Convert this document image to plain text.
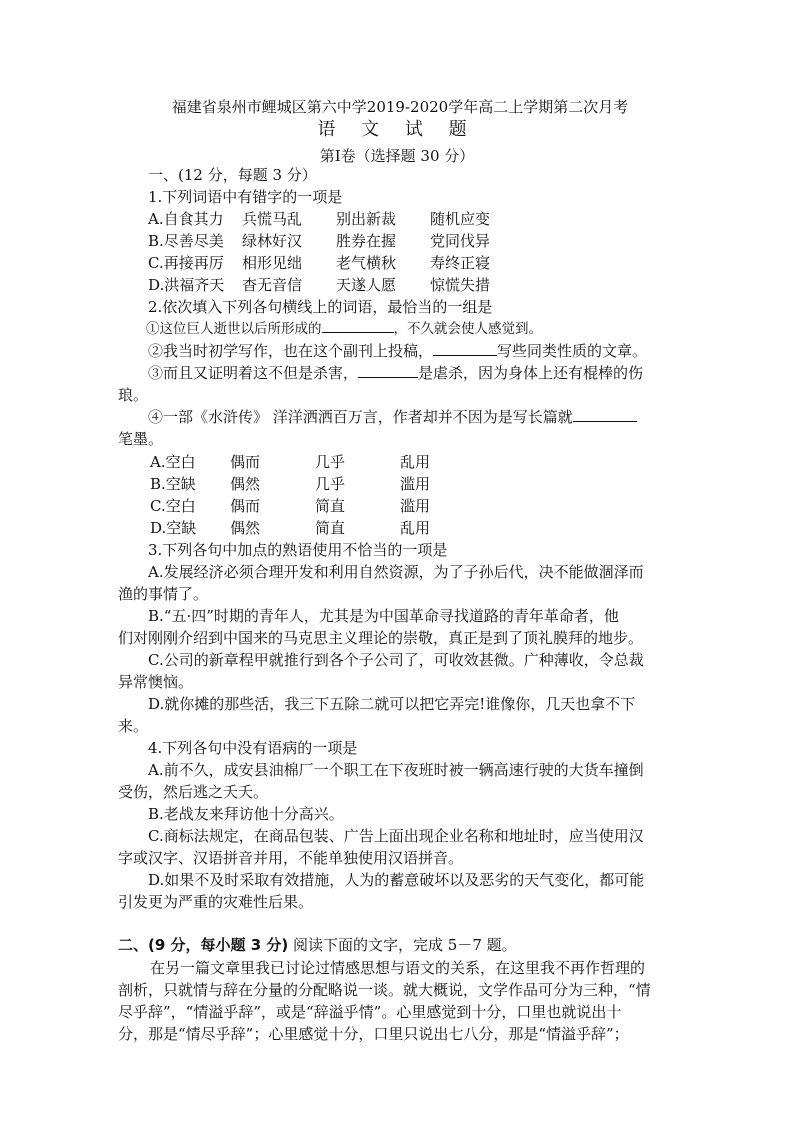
福建省泉州市鲤城区第六中学2019-2020学年高二上学期第二次月考
语 文 试 题
第Ⅰ卷（选择题 30 分）
一、(12 分，每题 3 分）
1.下列词语中有错字的一项是
A.自食其力	兵慌马乱	别出新裁	随机应变
B.尽善尽美	绿林好汉	胜券在握	党同伐异
C.再接再厉	相形见绌	老气横秋	寿终正寝
D.洪福齐天	杳无音信	天遂人愿	惊慌失措
2.依次填入下列各句横线上的词语，最恰当的一组是
①这位巨人逝世以后所形成的	，不久就会使人感觉到。
②我当时初学写作，也在这个副刊上投稿，	写些同类性质的文章。
③而且又证明着这不但是杀害，	是虐杀，因为身体上还有棍棒的伤
琅。
④一部《水浒传》 洋洋洒洒百万言，作者却并不因为是写长篇就
笔墨。
A.空白	偶而	几乎	乱用
B.空缺	偶然	几乎	滥用
C.空白	偶而	简直	滥用
D.空缺	偶然	简直	乱用
3.下列各句中加点的熟语使用不恰当的一项是
A.发展经济必须合理开发和利用自然资源，为了子孙后代，决不能做涸泽而
渔的事情了。
B.“五·四”时期的青年人，尤其是为中国革命寻找道路的青年革命者，他
们对刚刚介绍到中国来的马克思主义理论的崇敬，真正是到了顶礼膜拜的地步。
C.公司的新章程甲就推行到各个子公司了，可收效甚微。广种薄收，令总裁
异常懊恼。
D.就你摊的那些活，我三下五除二就可以把它弄完!谁像你，几天也拿不下
来。
4.下列各句中没有语病的一项是
A.前不久，成安县油棉厂一个职工在下夜班时被一辆高速行驶的大货车撞倒
受伤，然后逃之夭夭。
B.老战友来拜访他十分高兴。
C.商标法规定，在商品包装、广告上面出现企业名称和地址时，应当使用汉
字或汉字、汉语拼音并用，不能单独使用汉语拼音。
D.如果不及时采取有效措施，人为的蓄意破坏以及恶劣的天气变化，都可能
引发更为严重的灾难性后果。
二、(9 分，每小题 3 分) 阅读下面的文字，完成 5－7 题。
在另一篇文章里我已讨论过情感思想与语文的关系，在这里我不再作哲理的
剖析，只就情与辞在分量的分配略说一谈。就大概说，文学作品可分为三种，“情
尽乎辞”，“情溢乎辞”，或是“辞溢乎情”。心里感觉到十分，口里也就说出十
分，那是“情尽乎辞”；心里感觉十分，口里只说出七八分，那是“情溢乎辞”；
